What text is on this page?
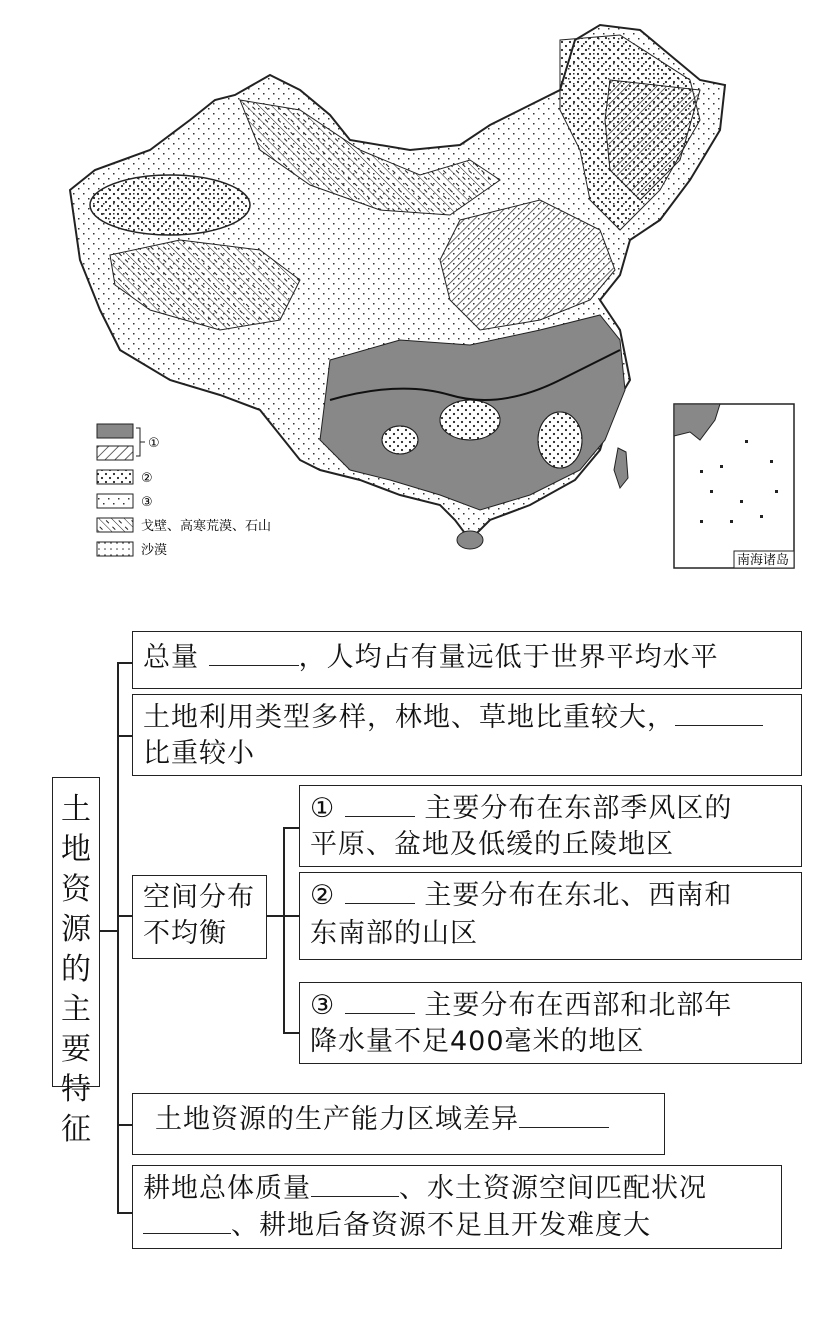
①
②
③
戈壁、高寒荒漠、石山
沙漠
南海诸岛
土
地
资
源
的
主
要
特
征
总量	，人均占有量远低于世界平均水平
土地利用类型多样，林地、草地比重较大，
比重较小
空间分布
不均衡
①	主要分布在东部季风区的
平原、盆地及低缓的丘陵地区
②	主要分布在东北、西南和
东南部的山区
③	主要分布在西部和北部年
降水量不足400毫米的地区
土地资源的生产能力区域差异
耕地总体质量	、水土资源空间匹配状况
、耕地后备资源不足且开发难度大
